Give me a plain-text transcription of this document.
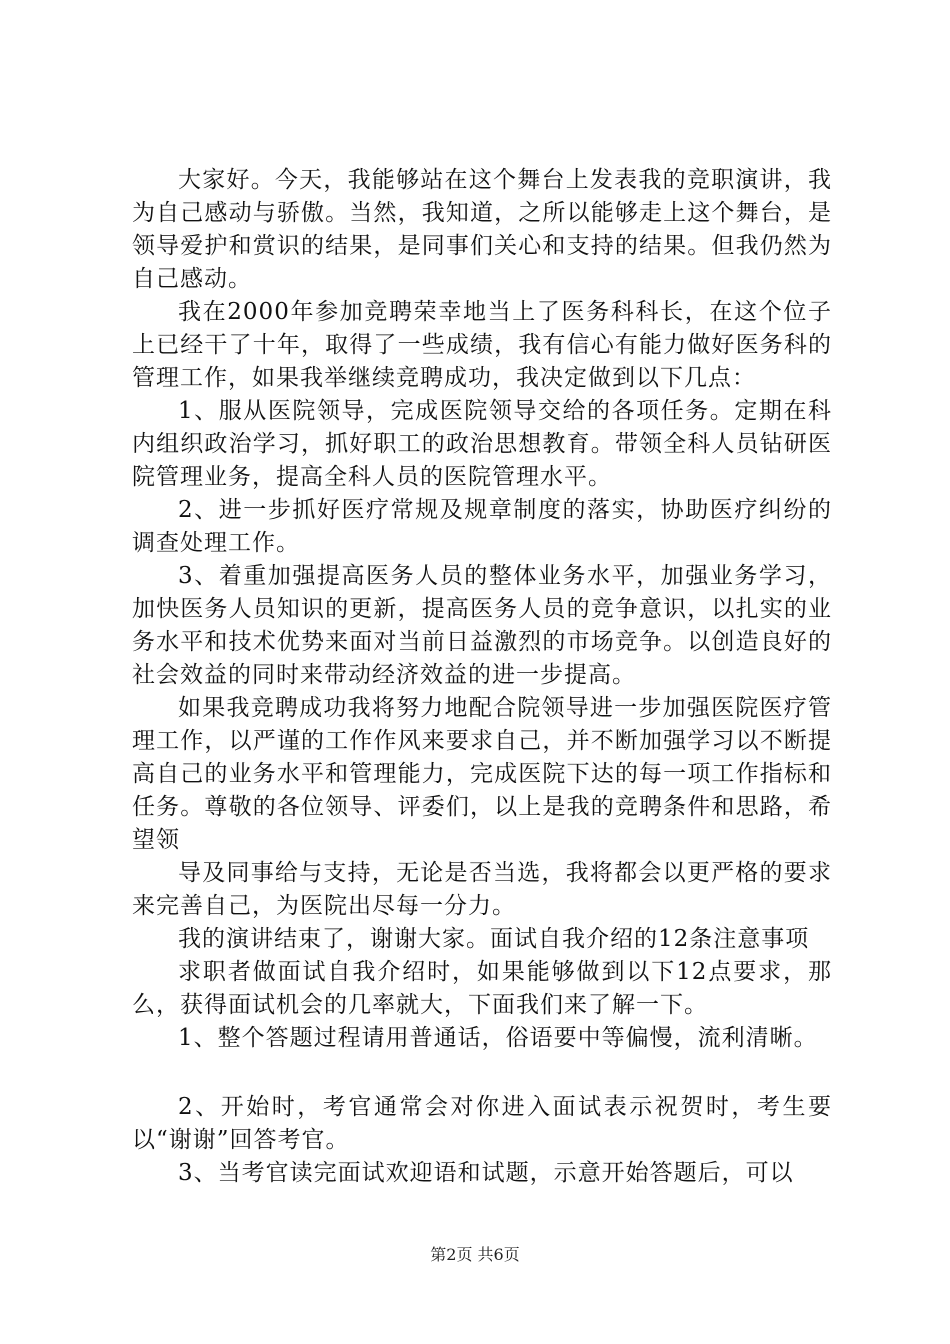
大家好。今天，我能够站在这个舞台上发表我的竞职演讲，我为自己感动与骄傲。当然，我知道，之所以能够走上这个舞台，是领导爱护和赏识的结果，是同事们关心和支持的结果。但我仍然为自己感动。

我在2000年参加竞聘荣幸地当上了医务科科长，在这个位子上已经干了十年，取得了一些成绩，我有信心有能力做好医务科的管理工作，如果我举继续竞聘成功，我决定做到以下几点：

1、服从医院领导，完成医院领导交给的各项任务。定期在科内组织政治学习，抓好职工的政治思想教育。带领全科人员钻研医院管理业务，提高全科人员的医院管理水平。

2、进一步抓好医疗常规及规章制度的落实，协助医疗纠纷的调查处理工作。

3、着重加强提高医务人员的整体业务水平，加强业务学习，加快医务人员知识的更新，提高医务人员的竞争意识，以扎实的业务水平和技术优势来面对当前日益激烈的市场竞争。以创造良好的社会效益的同时来带动经济效益的进一步提高。

如果我竞聘成功我将努力地配合院领导进一步加强医院医疗管理工作，以严谨的工作作风来要求自己，并不断加强学习以不断提高自己的业务水平和管理能力，完成医院下达的每一项工作指标和任务。尊敬的各位领导、评委们，以上是我的竞聘条件和思路，希望领

导及同事给与支持，无论是否当选，我将都会以更严格的要求来完善自己，为医院出尽每一分力。

我的演讲结束了，谢谢大家。面试自我介绍的12条注意事项

求职者做面试自我介绍时，如果能够做到以下12点要求，那么，获得面试机会的几率就大，下面我们来了解一下。

1、整个答题过程请用普通话，俗语要中等偏慢，流利清晰。

2、开始时，考官通常会对你进入面试表示祝贺时，考生要以“谢谢”回答考官。

3、当考官读完面试欢迎语和试题，示意开始答题后，可以

第2页 共6页
